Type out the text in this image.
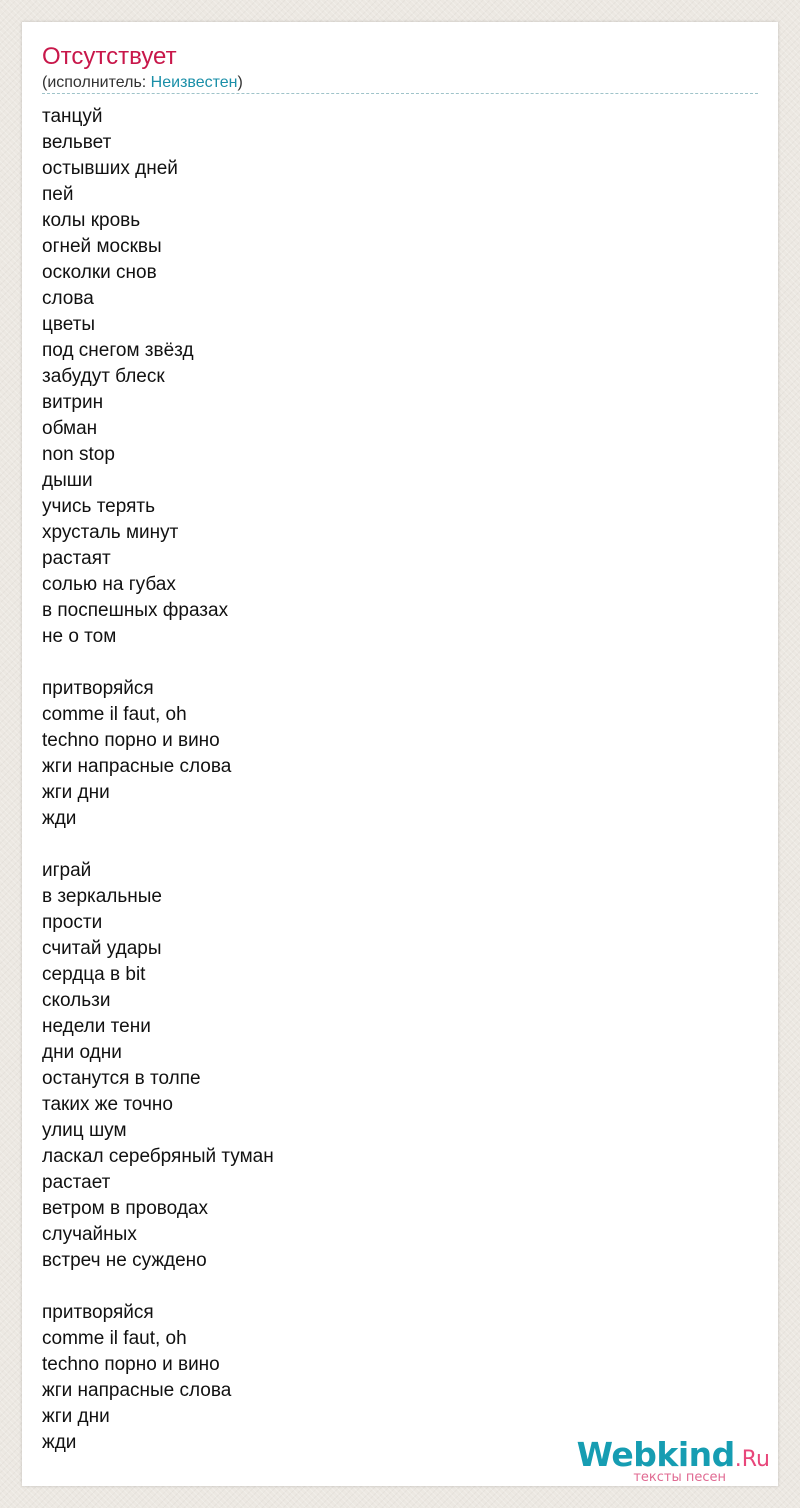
Отсутствует
(исполнитель: Неизвестен)
танцуй
вельвет
остывших дней
пей
колы кровь
огней москвы
осколки снов
слова
цветы
под снегом звёзд
забудут блеск
витрин
обман
non stop
дыши
учись терять
хрусталь минут
растаят
солью на губах
в поспешных фразах
не о том
притворяйся
comme il faut, oh
techno порно и вино
жги напрасные слова
жги дни
жди
играй
в зеркальные
прости
считай удары
сердца в bit
скользи
недели тени
дни одни
останутся в толпе
таких же точно
улиц шум
ласкал серебряный туман
растает
ветром в проводах
случайных
встреч не суждено
притворяйся
comme il faut, oh
techno порно и вино
жги напрасные слова
жги дни
жди	Webkind.Ru
тексты песен
